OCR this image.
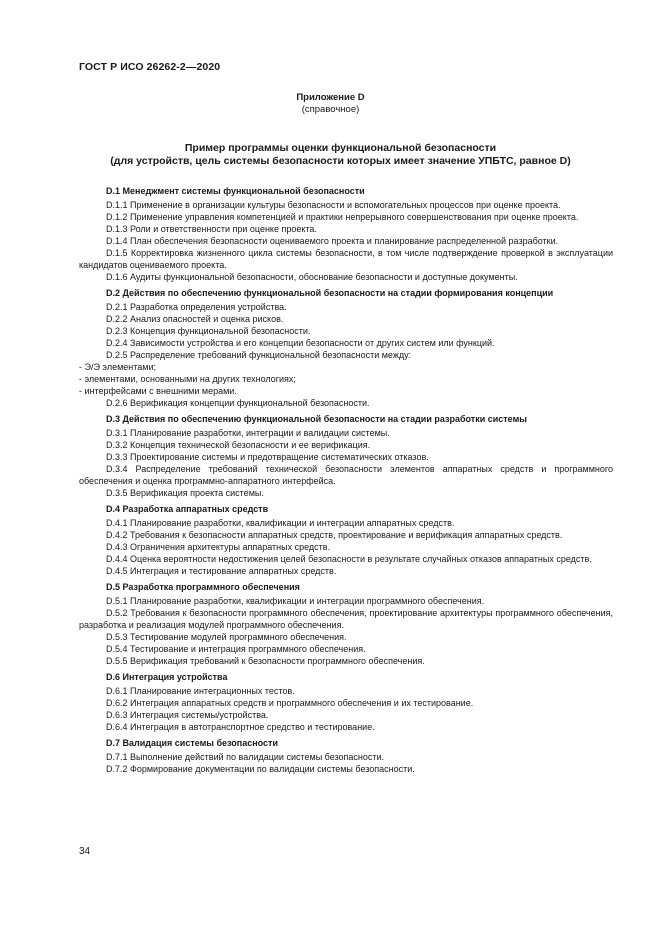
ГОСТ Р ИСО 26262-2—2020
Приложение D
(справочное)
Пример программы оценки функциональной безопасности
(для устройств, цель системы безопасности которых имеет значение УПБТС, равное D)
D.1 Менеджмент системы функциональной безопасности

D.1.1 Применение в организации культуры безопасности и вспомогательных процессов при оценке проекта.

D.1.2 Применение управления компетенцией и практики непрерывного совершенствования при оценке проекта.

D.1.3 Роли и ответственности при оценке проекта.

D.1.4 План обеспечения безопасности оцениваемого проекта и планирование распределенной разработки.

D.1.5 Корректировка жизненного цикла системы безопасности, в том числе подтверждение проверкой в эксплуатации кандидатов оцениваемого проекта.

D.1.6 Аудиты функциональной безопасности, обоснование безопасности и доступные документы.

D.2 Действия по обеспечению функциональной безопасности на стадии формирования концепции

D.2.1 Разработка определения устройства.

D.2.2 Анализ опасностей и оценка рисков.

D.2.3 Концепция функциональной безопасности.

D.2.4 Зависимости устройства и его концепции безопасности от других систем или функций.

D.2.5 Распределение требований функциональной безопасности между:

- Э/Э элементами;

- элементами, основанными на других технологиях;

- интерфейсами с внешними мерами.

D.2.6 Верификация концепции функциональной безопасности.

D.3 Действия по обеспечению функциональной безопасности на стадии разработки системы

D.3.1 Планирование разработки, интеграции и валидации системы.

D.3.2 Концепция технической безопасности и ее верификация.

D.3.3 Проектирование системы и предотвращение систематических отказов.

D.3.4 Распределение требований технической безопасности элементов аппаратных средств и программного обеспечения и оценка программно-аппаратного интерфейса.

D.3.5 Верификация проекта системы.

D.4 Разработка аппаратных средств

D.4.1 Планирование разработки, квалификации и интеграции аппаратных средств.

D.4.2 Требования к безопасности аппаратных средств, проектирование и верификация аппаратных средств.

D.4.3 Ограничения архитектуры аппаратных средств.

D.4.4 Оценка вероятности недостижения целей безопасности в результате случайных отказов аппаратных средств.

D.4.5 Интеграция и тестирование аппаратных средств.

D.5 Разработка программного обеспечения

D.5.1 Планирование разработки, квалификации и интеграции программного обеспечения.

D.5.2 Требования к безопасности программного обеспечения, проектирование архитектуры программного обеспечения, разработка и реализация модулей программного обеспечения.

D.5.3 Тестирование модулей программного обеспечения.

D.5.4 Тестирование и интеграция программного обеспечения.

D.5.5 Верификация требований к безопасности программного обеспечения.

D.6 Интеграция устройства

D.6.1 Планирование интеграционных тестов.

D.6.2 Интеграция аппаратных средств и программного обеспечения и их тестирование.

D.6.3 Интеграция системы/устройства.

D.6.4 Интеграция в автотранспортное средство и тестирование.

D.7 Валидация системы безопасности

D.7.1 Выполнение действий по валидации системы безопасности.

D.7.2 Формирование документации по валидации системы безопасности.

34
